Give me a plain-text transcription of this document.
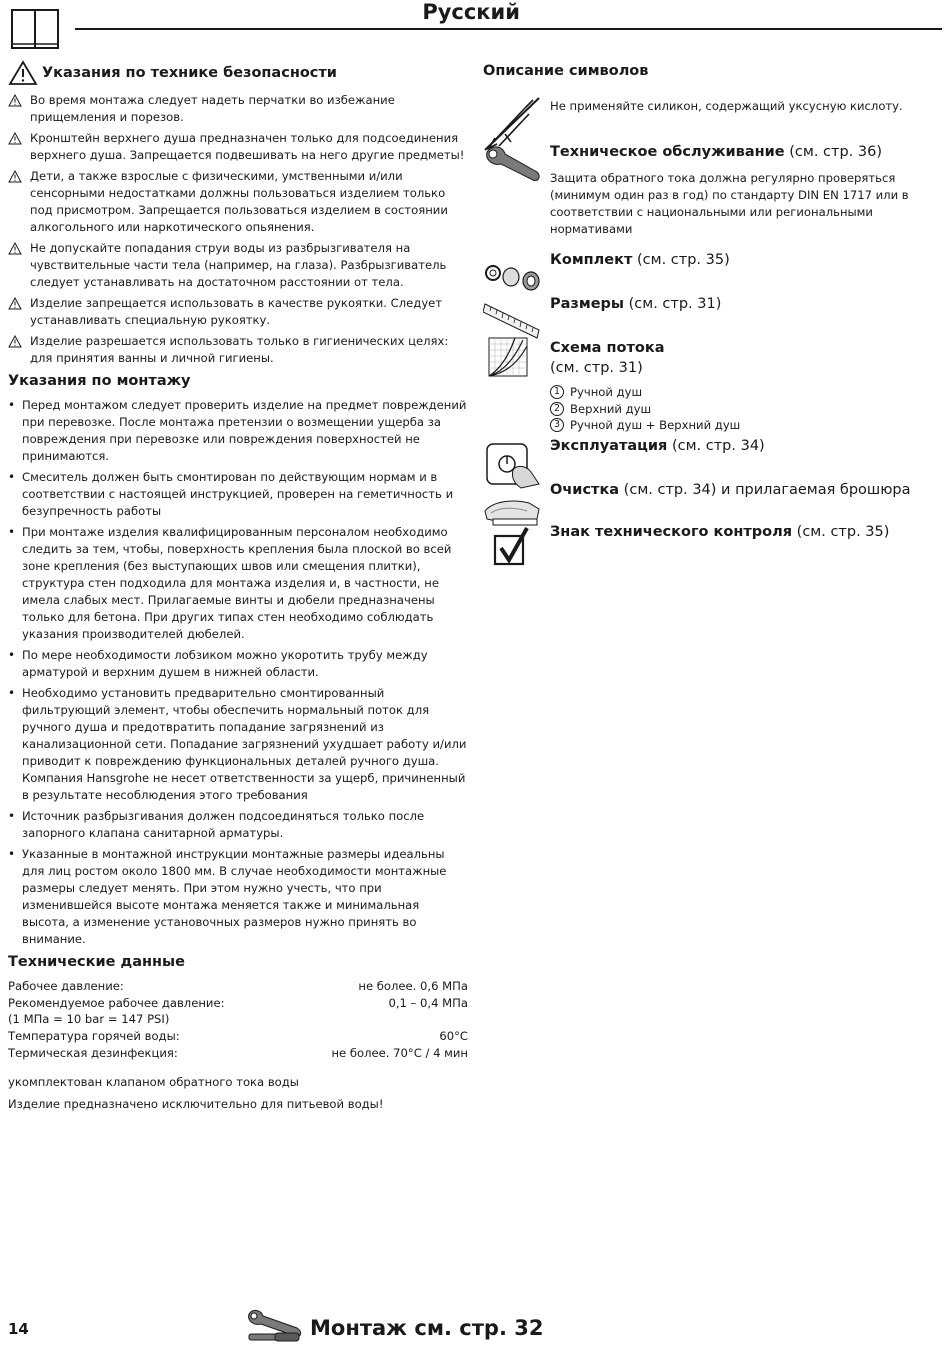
Русский
Указания по технике безопасности
Во время монтажа следует надеть перчатки во избежание прищемления и порезов.
Кронштейн верхнего душа предназначен только для подсоединения верхнего душа. Запрещается подвешивать на него другие предметы!
Дети, а также взрослые с физическими, умственными и/или сенсорными недостатками должны пользоваться изделием только под присмотром. Запрещается пользоваться изделием в состоянии алкогольного или наркотического опьянения.
Не допускайте попадания струи воды из разбрызгивателя на чувствительные части тела (например, на глаза). Разбрызгиватель следует устанавливать на достаточном расстоянии от тела.
Изделие запрещается использовать в качестве рукоятки. Следует устанавливать специальную рукоятку.
Изделие разрешается использовать только в гигиенических целях: для принятия ванны и личной гигиены.
Указания по монтажу
• Перед монтажом следует проверить изделие на предмет повреждений при перевозке. После монтажа претензии о возмещении ущерба за повреждения при перевозке или повреждения поверхностей не принимаются.
• Смеситель должен быть смонтирован по действующим нормам и в соответствии с настоящей инструкцией, проверен на геметичность и безупречность работы
• При монтаже изделия квалифицированным персоналом необходимо следить за тем, чтобы, поверхность крепления была плоской во всей зоне крепления (без выступающих швов или смещения плитки), структура стен подходила для монтажа изделия и, в частности, не имела слабых мест. Прилагаемые винты и дюбели предназначены только для бетона. При других типах стен необходимо соблюдать указания производителей дюбелей.
• По мере необходимости лобзиком можно укоротить трубу между арматурой и верхним душем в нижней области.
• Необходимо установить предварительно смонтированный фильтрующий элемент, чтобы обеспечить нормальный поток для ручного душа и предотвратить попадание загрязнений из канализационной сети. Попадание загрязнений ухудшает работу и/или приводит к повреждению функциональных деталей ручного душа. Компания Hansgrohe не несет ответственности за ущерб, причиненный в результате несоблюдения этого требования
• Источник разбрызгивания должен подсоединяться только после запорного клапана санитарной арматуры.
• Указанные в монтажной инструкции монтажные размеры идеальны для лиц ростом около 1800 мм. В случае необходимости монтажные размеры следует менять. При этом нужно учесть, что при изменившейся высоте монтажа меняется также и минимальная высота, а изменение установочных размеров нужно принять во внимание.
Технические данные
Рабочее давление:	не более. 0,6 МПа
Рекомендуемое рабочее давление:	0,1 – 0,4 МПа
(1 МПа = 10 bar = 147 PSI)	
Температура горячей воды:	60°C
Термическая дезинфекция:	не более. 70°C / 4 мин
укомплектован клапаном обратного тока воды
Изделие предназначено исключительно для питьевой воды!
Описание символов
Не применяйте силикон, содержащий уксусную кислоту.
Техническое обслуживание (см. стр. 36)
Защита обратного тока должна регулярно проверяться (минимум один раз в год) по стандарту DIN EN 1717 или в соответствии с национальными или региональными нормативами
Комплект (см. стр. 35)
Размеры (см. стр. 31)
Схема потока
(см. стр. 31)
1 Ручной душ
2 Верхний душ
3 Ручной душ + Верхний душ
Эксплуатация (см. стр. 34)
Очистка (см. стр. 34) и прилагаемая брошюра
Знак технического контроля (см. стр. 35)
14	Монтаж см. стр. 32
